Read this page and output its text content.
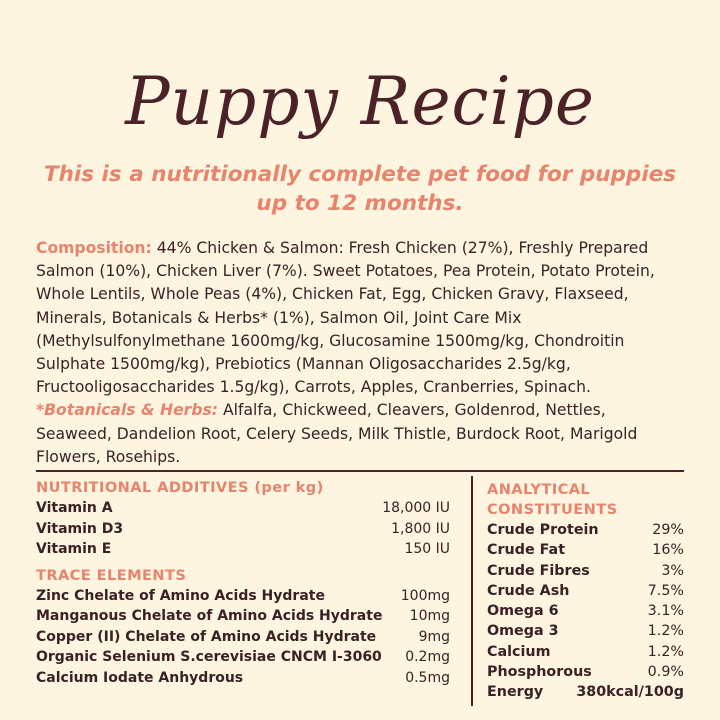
Puppy Recipe
This is a nutritionally complete pet food for puppies up to 12 months.
Composition: 44% Chicken & Salmon: Fresh Chicken (27%), Freshly Prepared Salmon (10%), Chicken Liver (7%). Sweet Potatoes, Pea Protein, Potato Protein, Whole Lentils, Whole Peas (4%), Chicken Fat, Egg, Chicken Gravy, Flaxseed, Minerals, Botanicals & Herbs* (1%), Salmon Oil, Joint Care Mix (Methylsulfonylmethane 1600mg/kg, Glucosamine 1500mg/kg, Chondroitin Sulphate 1500mg/kg), Prebiotics (Mannan Oligosaccharides 2.5g/kg, Fructooligosaccharides 1.5g/kg), Carrots, Apples, Cranberries, Spinach. *Botanicals & Herbs: Alfalfa, Chickweed, Cleavers, Goldenrod, Nettles, Seaweed, Dandelion Root, Celery Seeds, Milk Thistle, Burdock Root, Marigold Flowers, Rosehips.
NUTRITIONAL ADDITIVES (per kg)
Vitamin A	18,000 IU
Vitamin D3	1,800 IU
Vitamin E	150 IU
TRACE ELEMENTS
Zinc Chelate of Amino Acids Hydrate	100mg
Manganous Chelate of Amino Acids Hydrate 10mg
Copper (II) Chelate of Amino Acids Hydrate	9mg
Organic Selenium S.cerevisiae CNCM I-3060 0.2mg
Calcium Iodate Anhydrous	0.5mg
ANALYTICAL
CONSTITUENTS
Crude Protein	29%
Crude Fat	16%
Crude Fibres	3%
Crude Ash	7.5%
Omega 6	3.1%
Omega 3	1.2%
Calcium	1.2%
Phosphorous	0.9%
Energy 380kcal/100g
